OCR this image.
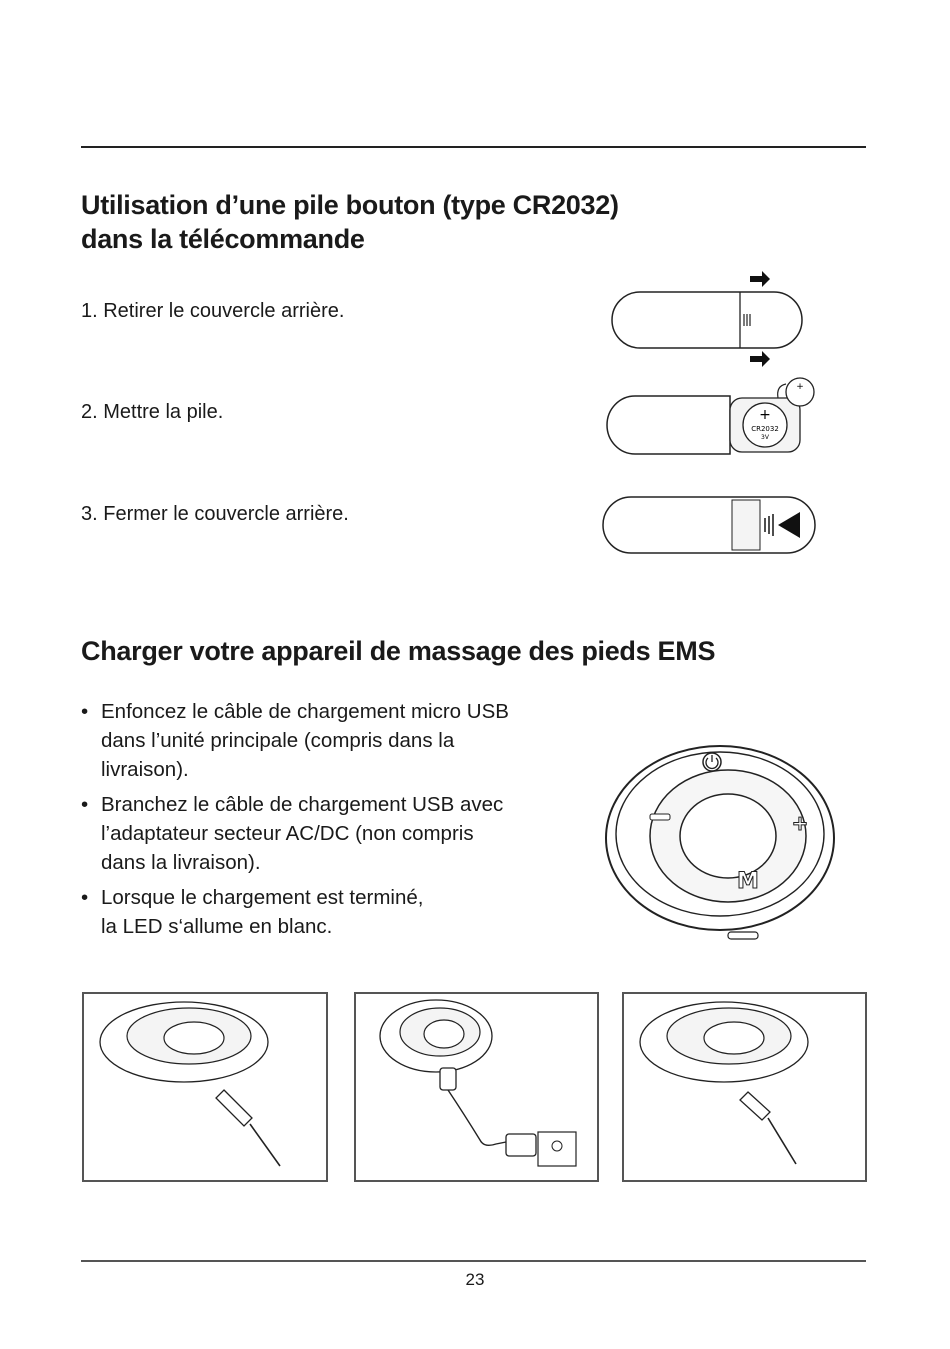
Utilisation d’une pile bouton (type CR2032)
dans la télécommande
1. Retirer le couvercle arrière.
2. Mettre la pile.
3. Fermer le couvercle arrière.
+
CR2032
3V
+
Charger votre appareil de massage des pieds EMS
• Enfoncez le câble de chargement micro USB
dans l’unité principale (compris dans la
livraison).
• Branchez le câble de chargement USB avec
l’adaptateur secteur AC/DC (non compris
dans la livraison).
• Lorsque le chargement est terminé,
la LED s‘allume en blanc.
+
M
23
